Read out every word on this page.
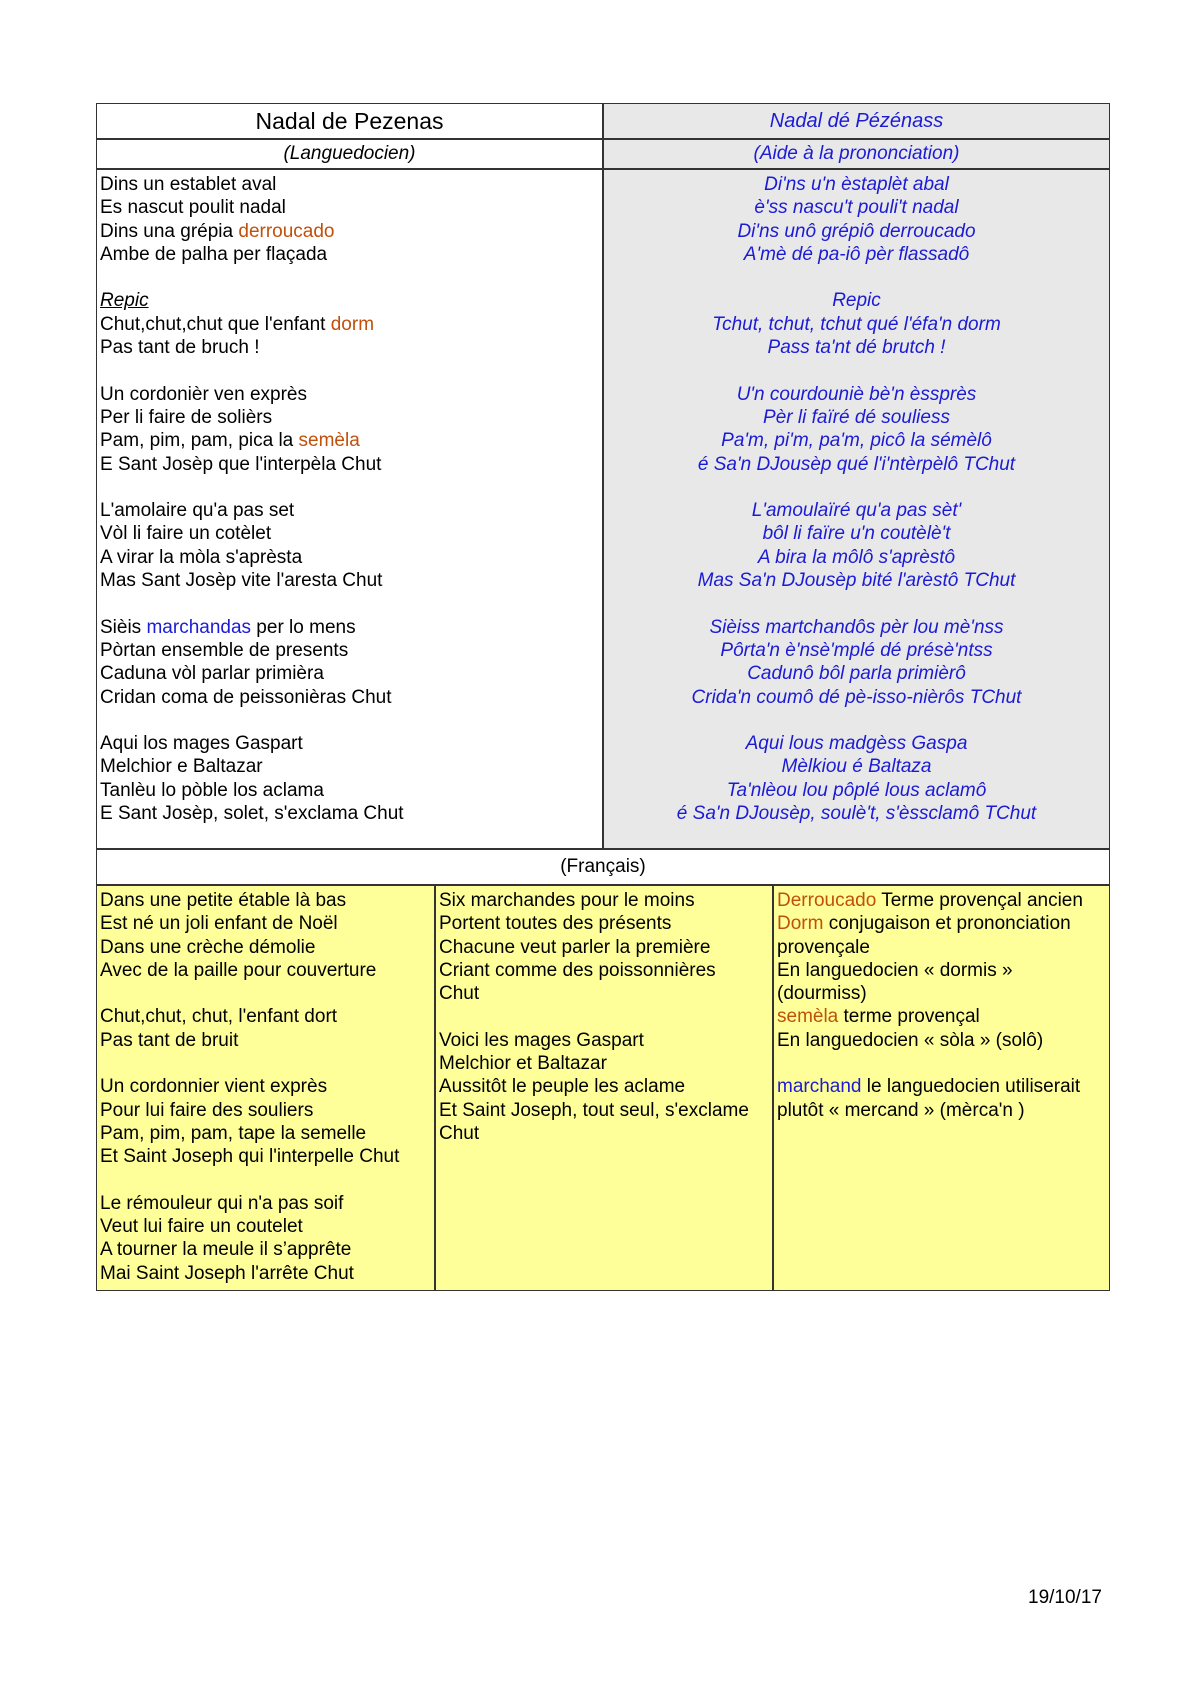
Nadal de Pezenas	Nadal dé Pézénass
(Languedocien)	(Aide à la prononciation)
Dins un establet aval
Es nascut poulit nadal
Dins una grépia derroucado
Ambe de palha per flaçada
Repic
Chut,chut,chut que l'enfant dorm
Pas tant de bruch !
Un cordonièr ven exprès
Per li faire de solièrs
Pam, pim, pam, pica la semèla
E Sant Josèp que l'interpèla Chut
L'amolaire qu'a pas set
Vòl li faire un cotèlet
A virar la mòla s'aprèsta
Mas Sant Josèp vite l'aresta Chut
Sièis marchandas per lo mens
Pòrtan ensemble de presents
Caduna vòl parlar primièra
Cridan coma de peissonièras Chut
Aqui los mages Gaspart
Melchior e Baltazar
Tanlèu lo pòble los aclama
E Sant Josèp, solet, s'exclama Chut
Di'ns u'n èstaplèt abal
è'ss nascu't pouli't nadal
Di'ns unô grépiô derroucado
A'mè dé pa-iô pèr flassadô
Repic
Tchut, tchut, tchut qué l'éfa'n dorm
Pass ta'nt dé brutch !
U'n courdouniè bè'n èssprès
Pèr li faïré dé souliess
Pa'm, pi'm, pa'm, picô la sémèlô
é Sa'n DJousèp qué l'i'ntèrpèlô TChut
L'amoulaïré qu'a pas sèt'
bôl li faïre u'n coutèlè't
A bira la môlô s'aprèstô
Mas Sa'n DJousèp bité l'arèstô TChut
Sièiss martchandôs pèr lou mè'nss
Pôrta'n è'nsè'mplé dé présè'ntss
Cadunô bôl parla primièrô
Crida'n coumô dé pè-isso-nièrôs TChut
Aqui lous madgèss Gaspa
Mèlkiou é Baltaza
Ta'nlèou lou pôplé lous aclamô
é Sa'n DJousèp, soulè't, s'èssclamô TChut
(Français)
Dans une petite étable là bas
Est né un joli enfant de Noël
Dans une crèche démolie
Avec de la paille pour couverture
Chut,chut, chut, l'enfant dort
Pas tant de bruit
Un cordonnier vient exprès
Pour lui faire des souliers
Pam, pim, pam, tape la semelle
Et Saint Joseph qui l'interpelle Chut
Le rémouleur qui n'a pas soif
Veut lui faire un coutelet
A tourner la meule il s’apprête
Mai Saint Joseph l'arrête Chut
Six marchandes pour le moins
Portent toutes des présents
Chacune veut parler la première
Criant comme des poissonnières
Chut
Voici les mages Gaspart
Melchior et Baltazar
Aussitôt le peuple les aclame
Et Saint Joseph, tout seul, s'exclame
Chut
Derroucado Terme provençal ancien
Dorm conjugaison et prononciation
provençale
En languedocien « dormis »
(dourmiss)
semèla terme provençal
En languedocien « sòla » (solô)
marchand le languedocien utiliserait
plutôt « mercand » (mèrca'n )
19/10/17
